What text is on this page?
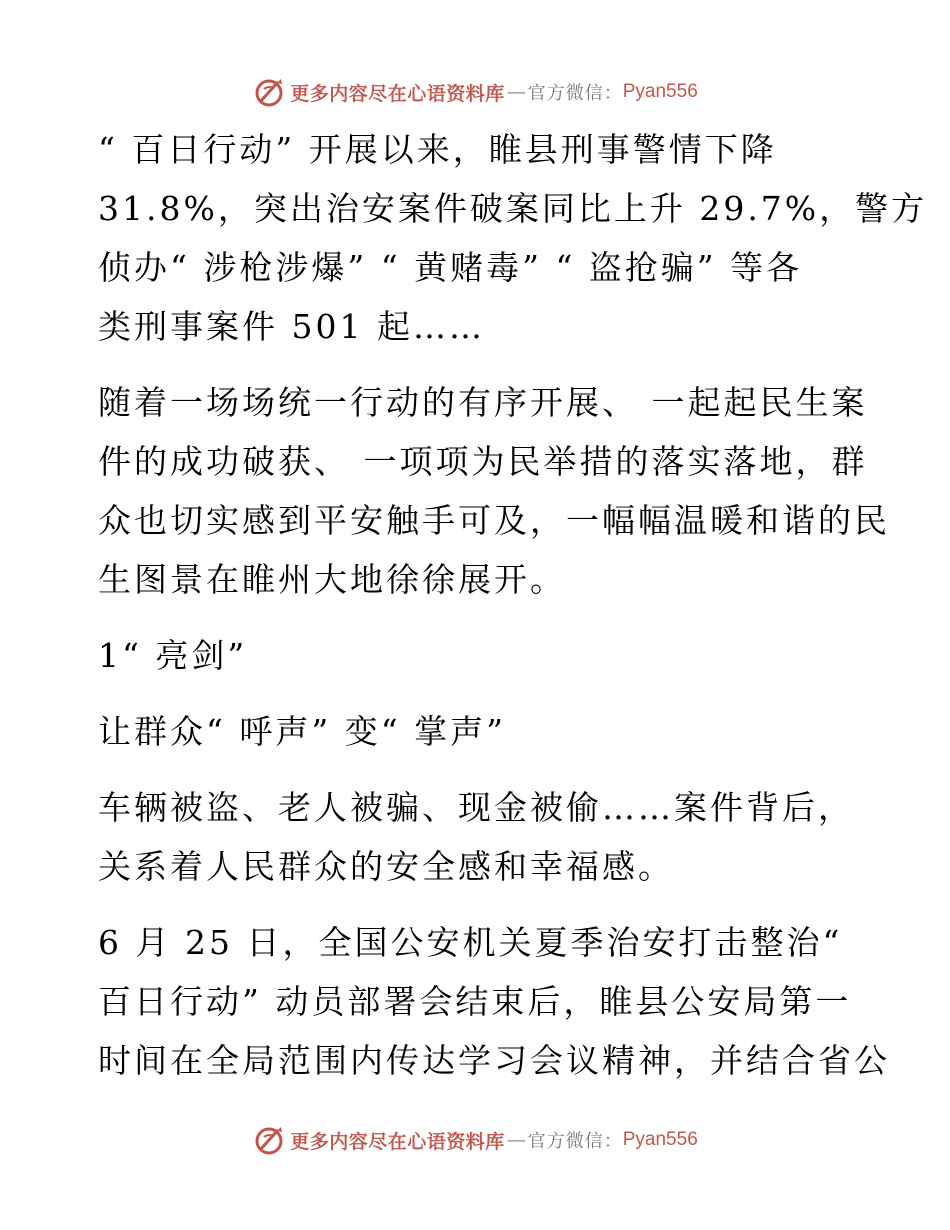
更多内容尽在心语资料库 — 官方微信： Pyan556

“ 百日行动” 开展以来，睢县刑事警情下降
31.8%，突出治安案件破案同比上升 29.7%，警方
侦办“ 涉枪涉爆” “ 黄赌毒” “ 盗抢骗” 等各
类刑事案件 501 起……

随着一场场统一行动的有序开展、 一起起民生案
件的成功破获、 一项项为民举措的落实落地，群
众也切实感到平安触手可及，一幅幅温暖和谐的民
生图景在睢州大地徐徐展开。

1“ 亮剑”

让群众“ 呼声” 变“ 掌声”

车辆被盗、老人被骗、现金被偷……案件背后，
关系着人民群众的安全感和幸福感。

6 月 25 日，全国公安机关夏季治安打击整治“
百日行动” 动员部署会结束后，睢县公安局第一
时间在全局范围内传达学习会议精神，并结合省公

更多内容尽在心语资料库 — 官方微信： Pyan556
